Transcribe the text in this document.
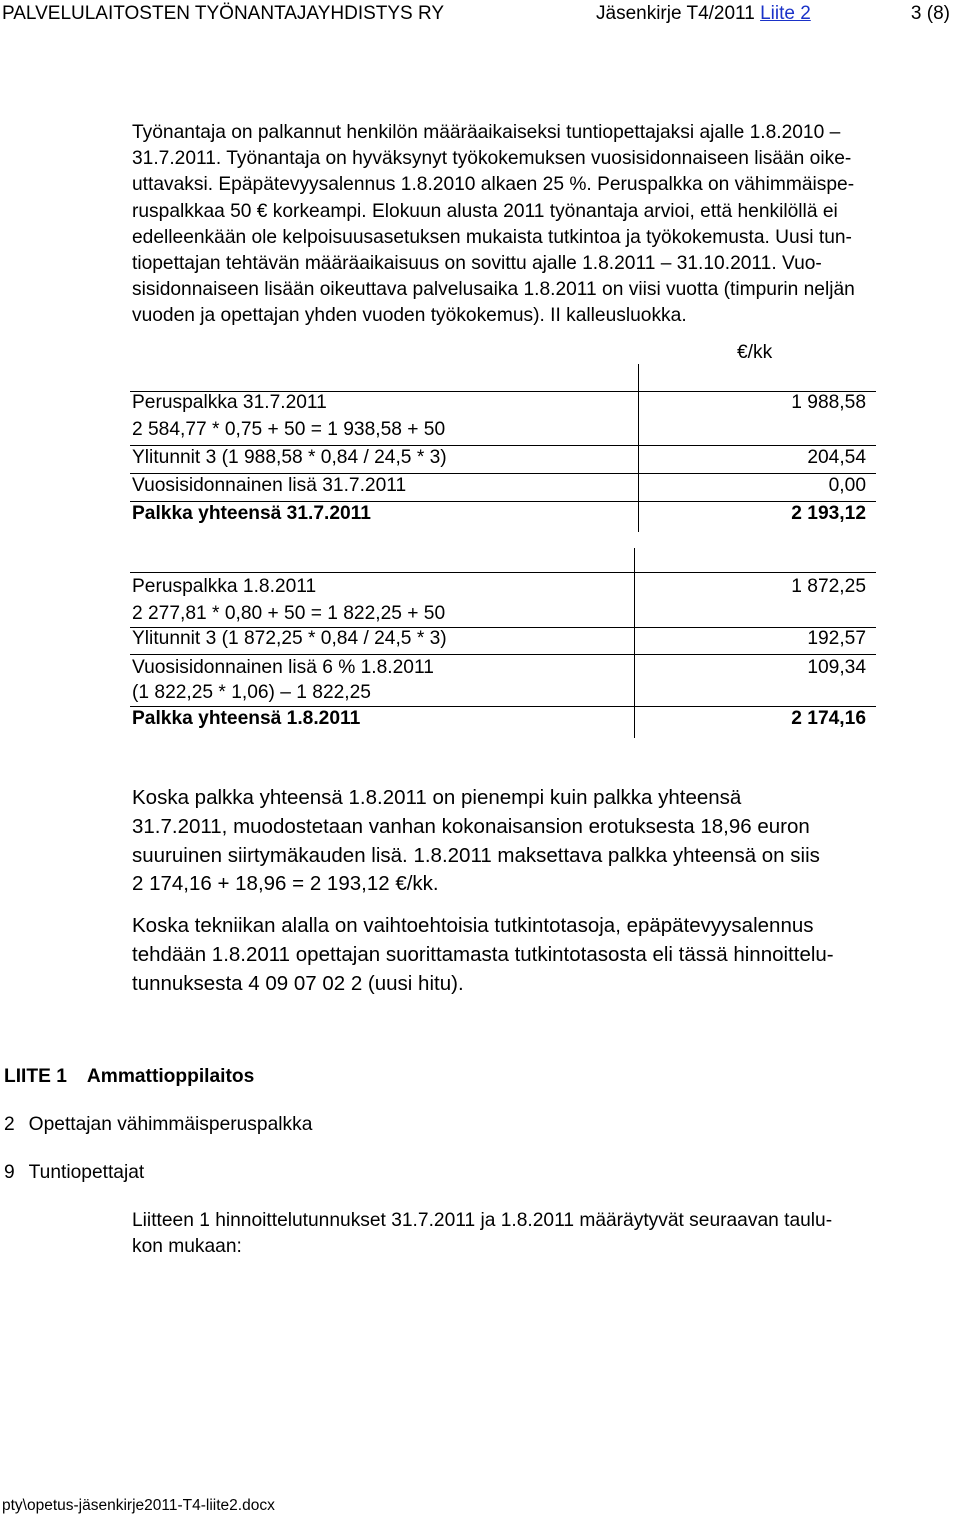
PALVELULAITOSTEN TYÖNANTAJAYHDISTYS RY	Jäsenkirje T4/2011 Liite 2	3 (8)

Työnantaja on palkannut henkilön määräaikaiseksi tuntiopettajaksi ajalle 1.8.2010 –
31.7.2011. Työnantaja on hyväksynyt työkokemuksen vuosisidonnaiseen lisään oike-
uttavaksi. Epäpätevyysalennus 1.8.2010 alkaen 25 %. Peruspalkka on vähimmäispe-
ruspalkkaa 50 € korkeampi. Elokuun alusta 2011 työnantaja arvioi, että henkilöllä ei
edelleenkään ole kelpoisuusasetuksen mukaista tutkintoa ja työkokemusta. Uusi tun-
tiopettajan tehtävän määräaikaisuus on sovittu ajalle 1.8.2011 – 31.10.2011. Vuo-
sisidonnaiseen lisään oikeuttava palvelusaika 1.8.2011 on viisi vuotta (timpurin neljän
vuoden ja opettajan yhden vuoden työkokemus). II kalleusluokka.

€/kk
Peruspalkka 31.7.2011	1 988,58
2 584,77 * 0,75 + 50 = 1 938,58 + 50
Ylitunnit 3 (1 988,58 * 0,84 / 24,5 * 3)	204,54
Vuosisidonnainen lisä 31.7.2011	0,00
Palkka yhteensä 31.7.2011	2 193,12
Peruspalkka 1.8.2011	1 872,25
2 277,81 * 0,80 + 50 = 1 822,25 + 50
Ylitunnit 3 (1 872,25 * 0,84 / 24,5 * 3)	192,57
Vuosisidonnainen lisä 6 % 1.8.2011	109,34
(1 822,25 * 1,06) – 1 822,25
Palkka yhteensä 1.8.2011	2 174,16

Koska palkka yhteensä 1.8.2011 on pienempi kuin palkka yhteensä
31.7.2011, muodostetaan vanhan kokonaisansion erotuksesta 18,96 euron
suuruinen siirtymäkauden lisä. 1.8.2011 maksettava palkka yhteensä on siis
2 174,16 + 18,96 = 2 193,12 €/kk.

Koska tekniikan alalla on vaihtoehtoisia tutkintotasoja, epäpätevyysalennus
tehdään 1.8.2011 opettajan suorittamasta tutkintotasosta eli tässä hinnoittelu-
tunnuksesta 4 09 07 02 2 (uusi hitu).

LIITE 1 Ammattioppilaitos
2 Opettajan vähimmäisperuspalkka
9 Tuntiopettajat

Liitteen 1 hinnoittelutunnukset 31.7.2011 ja 1.8.2011 määräytyvät seuraavan taulu-
kon mukaan:

pty\opetus-jäsenkirje2011-T4-liite2.docx
